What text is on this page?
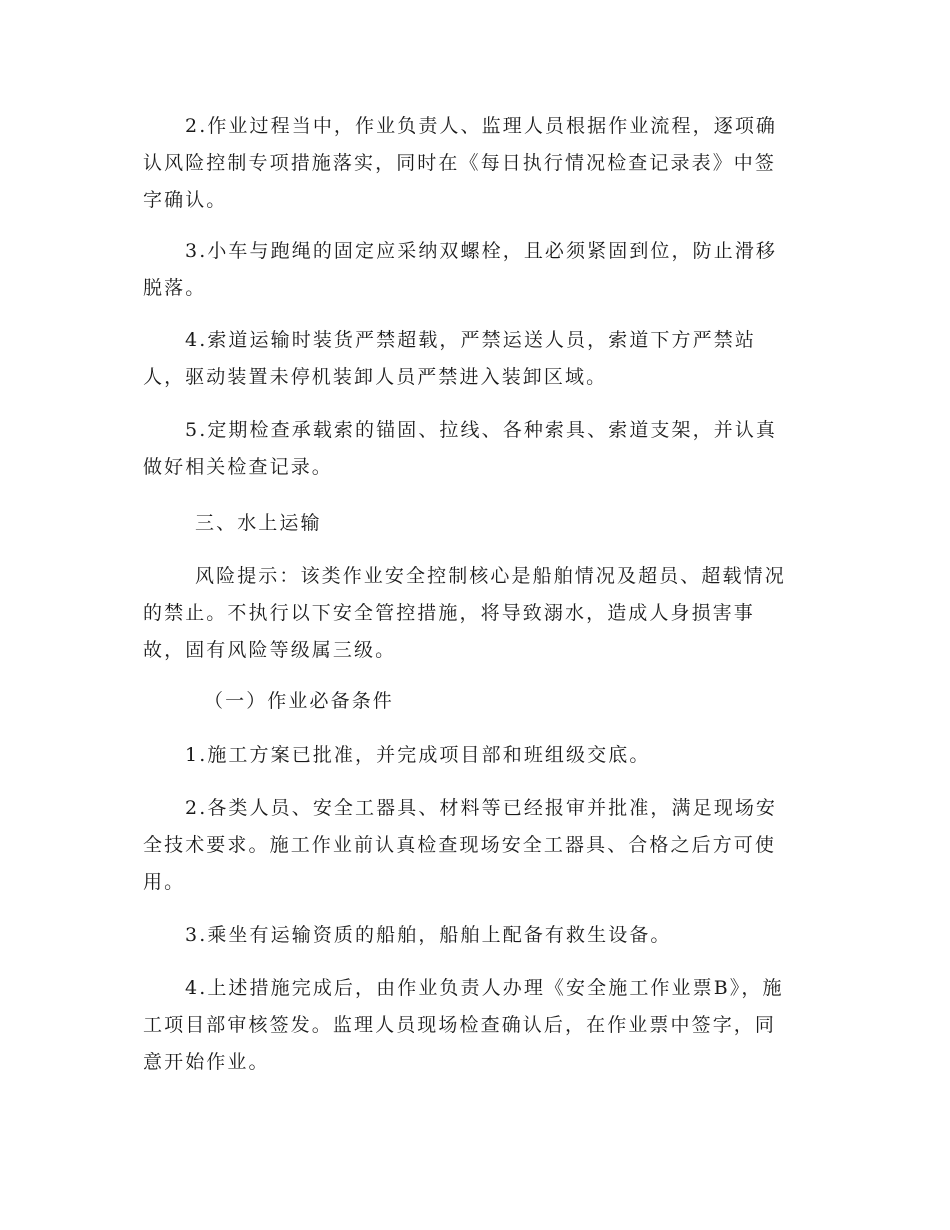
2.作业过程当中，作业负责人、监理人员根据作业流程，逐项确
认风险控制专项措施落实，同时在《每日执行情况检查记录表》中签
字确认。

3.小车与跑绳的固定应采纳双螺栓，且必须紧固到位，防止滑移
脱落。

4.索道运输时装货严禁超载，严禁运送人员，索道下方严禁站
人，驱动装置未停机装卸人员严禁进入装卸区域。

5.定期检查承载索的锚固、拉线、各种索具、索道支架，并认真
做好相关检查记录。

三、水上运输

风险提示：该类作业安全控制核心是船舶情况及超员、超载情况
的禁止。不执行以下安全管控措施，将导致溺水，造成人身损害事
故，固有风险等级属三级。

（一）作业必备条件

1.施工方案已批准，并完成项目部和班组级交底。

2.各类人员、安全工器具、材料等已经报审并批准，满足现场安
全技术要求。施工作业前认真检查现场安全工器具、合格之后方可使
用。

3.乘坐有运输资质的船舶，船舶上配备有救生设备。

4.上述措施完成后，由作业负责人办理《安全施工作业票B》，施
工项目部审核签发。监理人员现场检查确认后，在作业票中签字，同
意开始作业。
